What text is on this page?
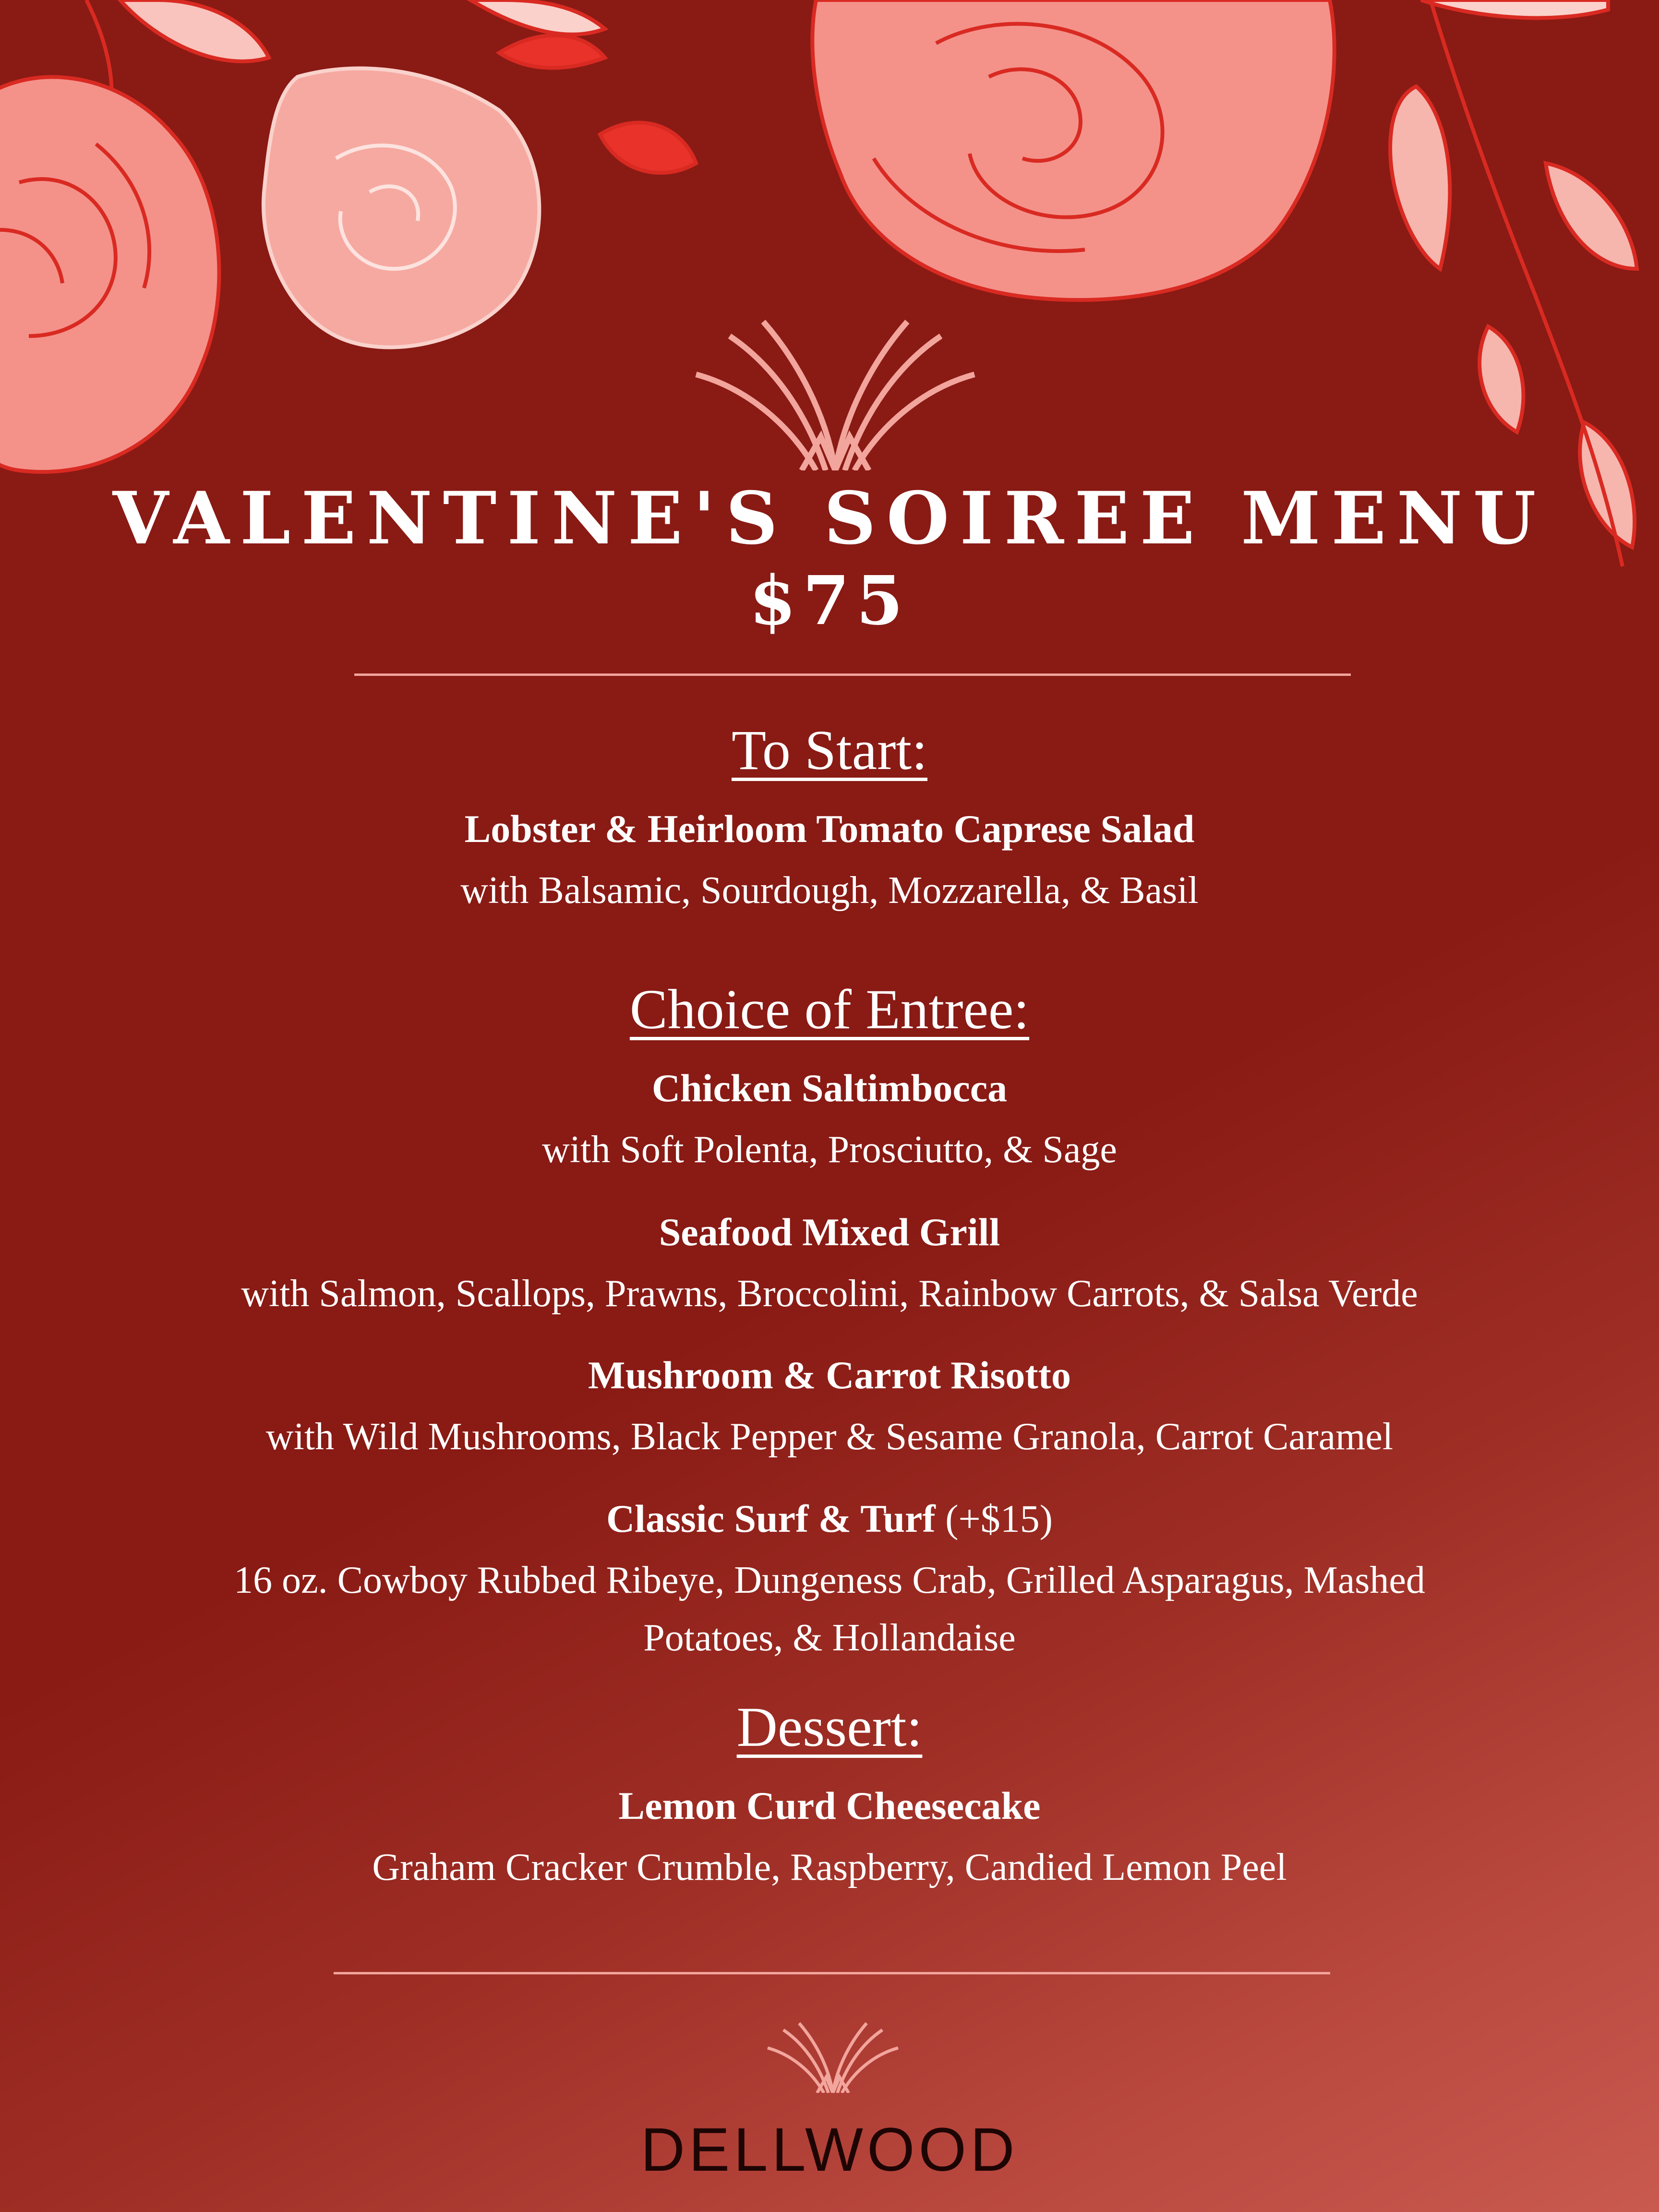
VALENTINE'S SOIREE MENU
$75
To Start:
Lobster & Heirloom Tomato Caprese Salad
with Balsamic, Sourdough, Mozzarella, & Basil
Choice of Entree:
Chicken Saltimbocca
with Soft Polenta, Prosciutto, & Sage
Seafood Mixed Grill
with Salmon, Scallops, Prawns, Broccolini, Rainbow Carrots, & Salsa Verde
Mushroom & Carrot Risotto
with Wild Mushrooms, Black Pepper & Sesame Granola, Carrot Caramel
Classic Surf & Turf (+$15)
16 oz. Cowboy Rubbed Ribeye, Dungeness Crab, Grilled Asparagus, Mashed
Potatoes, & Hollandaise
Dessert:
Lemon Curd Cheesecake
Graham Cracker Crumble, Raspberry, Candied Lemon Peel
DELLWOOD
